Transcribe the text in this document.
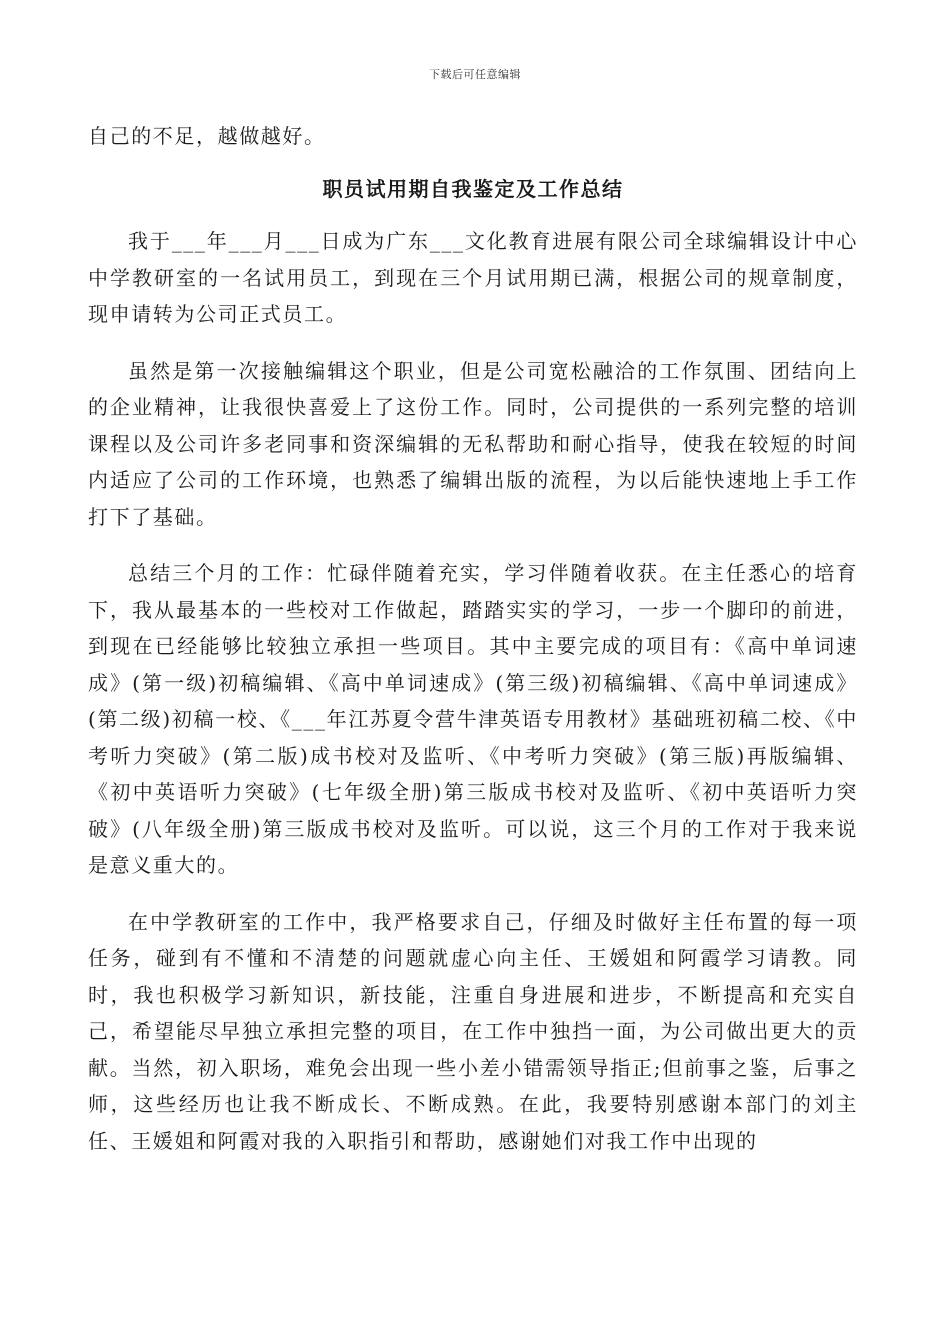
下载后可任意编辑

自己的不足，越做越好。

职员试用期自我鉴定及工作总结

我于___年___月___日成为广东___文化教育进展有限公司全球编辑设计中心中学教研室的一名试用员工，到现在三个月试用期已满，根据公司的规章制度，现申请转为公司正式员工。

虽然是第一次接触编辑这个职业，但是公司宽松融洽的工作氛围、团结向上的企业精神，让我很快喜爱上了这份工作。同时，公司提供的一系列完整的培训课程以及公司许多老同事和资深编辑的无私帮助和耐心指导，使我在较短的时间内适应了公司的工作环境，也熟悉了编辑出版的流程，为以后能快速地上手工作打下了基础。

总结三个月的工作：忙碌伴随着充实，学习伴随着收获。在主任悉心的培育下，我从最基本的一些校对工作做起，踏踏实实的学习，一步一个脚印的前进，到现在已经能够比较独立承担一些项目。其中主要完成的项目有：《高中单词速成》(第一级)初稿编辑、《高中单词速成》(第三级)初稿编辑、《高中单词速成》(第二级)初稿一校、《___年江苏夏令营牛津英语专用教材》基础班初稿二校、《中考听力突破》(第二版)成书校对及监听、《中考听力突破》(第三版)再版编辑、《初中英语听力突破》(七年级全册)第三版成书校对及监听、《初中英语听力突破》(八年级全册)第三版成书校对及监听。可以说，这三个月的工作对于我来说是意义重大的。

在中学教研室的工作中，我严格要求自己，仔细及时做好主任布置的每一项任务，碰到有不懂和不清楚的问题就虚心向主任、王媛姐和阿霞学习请教。同时，我也积极学习新知识，新技能，注重自身进展和进步，不断提高和充实自己，希望能尽早独立承担完整的项目，在工作中独挡一面，为公司做出更大的贡献。当然，初入职场，难免会出现一些小差小错需领导指正;但前事之鉴，后事之师，这些经历也让我不断成长、不断成熟。在此，我要特别感谢本部门的刘主任、王媛姐和阿霞对我的入职指引和帮助，感谢她们对我工作中出现的
